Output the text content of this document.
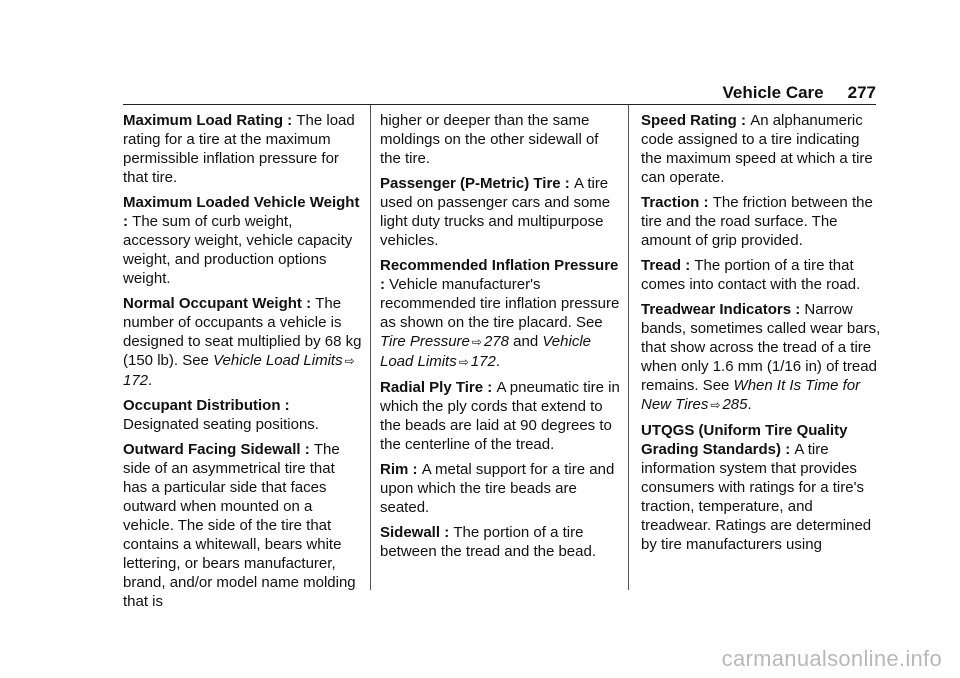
Vehicle Care 277

Maximum Load Rating : The load rating for a tire at the maximum permissible inflation pressure for that tire.

Maximum Loaded Vehicle Weight : The sum of curb weight, accessory weight, vehicle capacity weight, and production options weight.

Normal Occupant Weight : The number of occupants a vehicle is designed to seat multiplied by 68 kg (150 lb). See Vehicle Load Limits ⇨172.

Occupant Distribution : Designated seating positions.

Outward Facing Sidewall : The side of an asymmetrical tire that has a particular side that faces outward when mounted on a vehicle. The side of the tire that contains a whitewall, bears white lettering, or bears manufacturer, brand, and/or model name molding that is

higher or deeper than the same moldings on the other sidewall of the tire.

Passenger (P-Metric) Tire : A tire used on passenger cars and some light duty trucks and multipurpose vehicles.

Recommended Inflation Pressure : Vehicle manufacturer's recommended tire inflation pressure as shown on the tire placard. See Tire Pressure ⇨ 278 and Vehicle Load Limits ⇨ 172.

Radial Ply Tire : A pneumatic tire in which the ply cords that extend to the beads are laid at 90 degrees to the centerline of the tread.

Rim : A metal support for a tire and upon which the tire beads are seated.

Sidewall : The portion of a tire between the tread and the bead.

Speed Rating : An alphanumeric code assigned to a tire indicating the maximum speed at which a tire can operate.

Traction : The friction between the tire and the road surface. The amount of grip provided.

Tread : The portion of a tire that comes into contact with the road.

Treadwear Indicators : Narrow bands, sometimes called wear bars, that show across the tread of a tire when only 1.6 mm (1/16 in) of tread remains. See When It Is Time for New Tires ⇨ 285.

UTQGS (Uniform Tire Quality Grading Standards) : A tire information system that provides consumers with ratings for a tire's traction, temperature, and treadwear. Ratings are determined by tire manufacturers using

carmanualsonline.info
